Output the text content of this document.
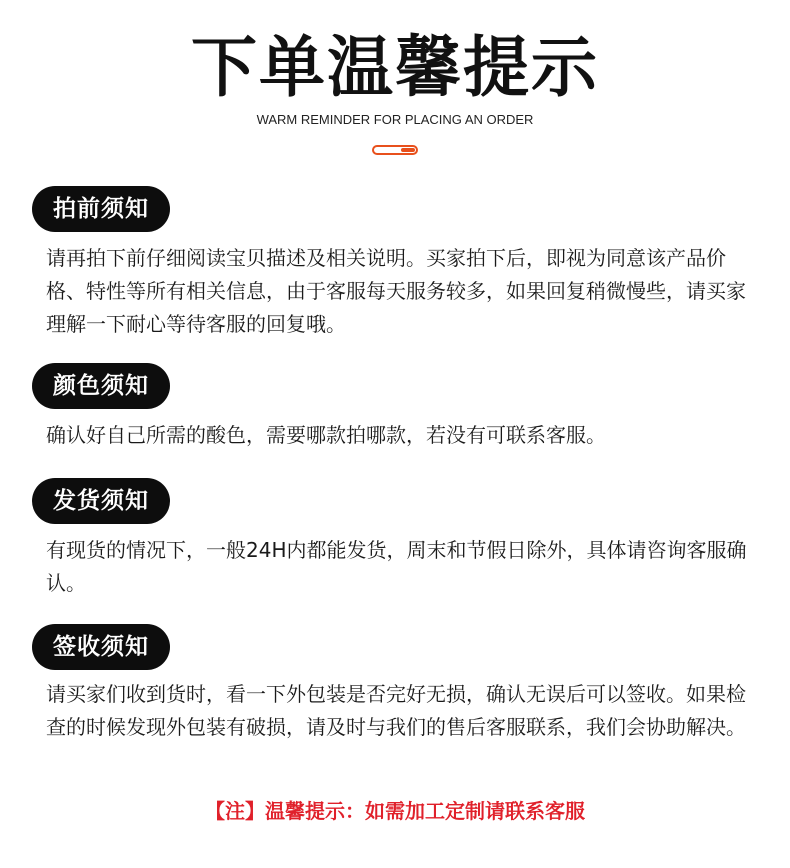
下单温馨提示
WARM REMINDER FOR PLACING AN ORDER
拍前须知

请再拍下前仔细阅读宝贝描述及相关说明。买家拍下后，即视为同意该产品价格、特性等所有相关信息，由于客服每天服务较多，如果回复稍微慢些，请买家理解一下耐心等待客服的回复哦。

颜色须知

确认好自己所需的酸色，需要哪款拍哪款，若没有可联系客服。

发货须知

有现货的情况下，一般24H内都能发货，周末和节假日除外，具体请咨询客服确认。

签收须知

请买家们收到货时，看一下外包装是否完好无损，确认无误后可以签收。如果检查的时候发现外包装有破损，请及时与我们的售后客服联系，我们会协助解决。

【注】温馨提示：如需加工定制请联系客服
